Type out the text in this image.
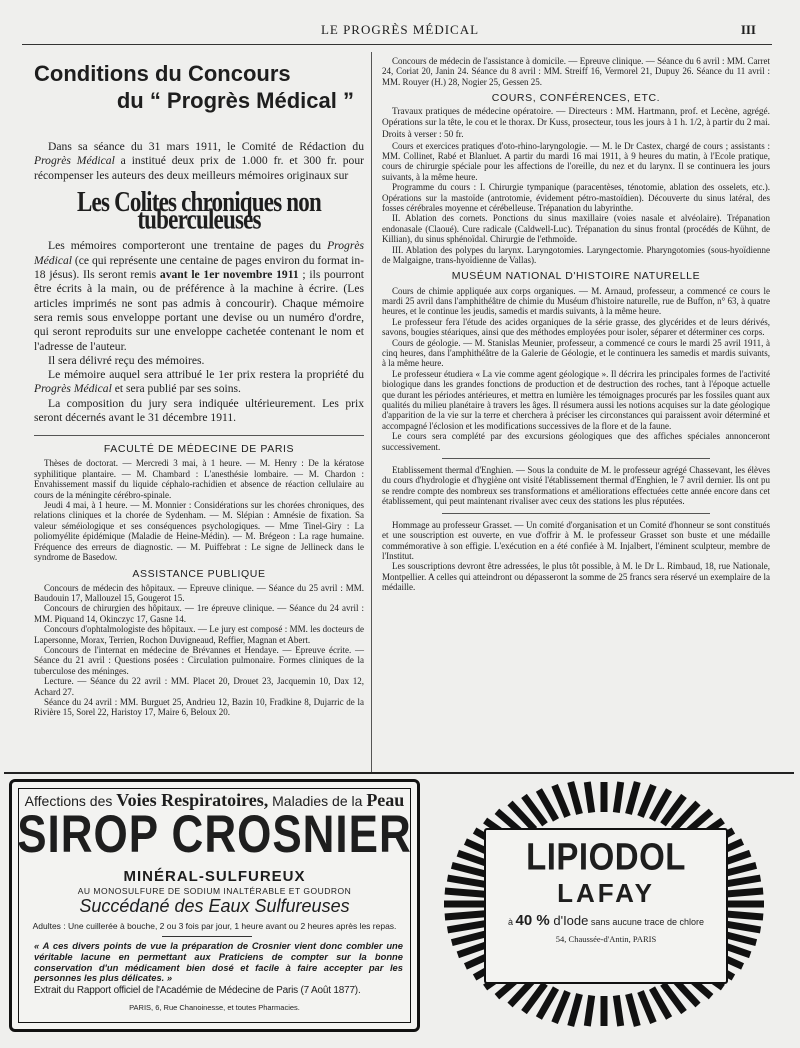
LE PROGRÈS MÉDICAL	III
Conditions du Concours
du “ Progrès Médical ”

Dans sa séance du 31 mars 1911, le Comité de Rédaction du Progrès Médical a institué deux prix de 1.000 fr. et 300 fr. pour récompenser les auteurs des deux meilleurs mémoires originaux sur

Les Colites chroniques non tuberculeuses

Les mémoires comporteront une trentaine de pages du Progrès Médical (ce qui représente une centaine de pages environ du format in-18 jésus). Ils seront remis avant le 1er novembre 1911 ; ils pourront être écrits à la main, ou de préférence à la machine à écrire. (Les articles imprimés ne sont pas admis à concourir). Chaque mémoire sera remis sous enveloppe portant une devise ou un numéro d'ordre, qui seront reproduits sur une enveloppe cachetée contenant le nom et l'adresse de l'auteur.

Il sera délivré reçu des mémoires.

Le mémoire auquel sera attribué le 1er prix restera la propriété du Progrès Médical et sera publié par ses soins.

La composition du jury sera indiquée ultérieurement. Les prix seront décernés avant le 31 décembre 1911.

FACULTÉ DE MÉDECINE DE PARIS

Thèses de doctorat. — Mercredi 3 mai, à 1 heure. — M. Henry : De la kératose syphilitique plantaire. — M. Chambard : L'anesthésie lombaire. — M. Chardon : Envahissement massif du liquide céphalo-rachidien et absence de réaction cellulaire au cours de la méningite cérébro-spinale.

Jeudi 4 mai, à 1 heure. — M. Monnier : Considérations sur les chorées chroniques, des relations cliniques et la chorée de Sydenham. — M. Slépian : Amnésie de fixation. Sa valeur séméiologique et ses conséquences psychologiques. — Mme Tinel-Giry : La poliomyélite épidémique (Maladie de Heine-Médin). — M. Brégeon : La rage humaine. Fréquence des erreurs de diagnostic. — M. Puiffebrat : Le signe de Jellineck dans le syndrome de Basedow.

ASSISTANCE PUBLIQUE

Concours de médecin des hôpitaux. — Epreuve clinique. — Séance du 25 avril : MM. Baudouin 17, Mallouzel 15, Gougerot 15.

Concours de chirurgien des hôpitaux. — 1re épreuve clinique. — Séance du 24 avril : MM. Piquand 14, Okinczyc 17, Gasne 14.

Concours d'ophtalmologiste des hôpitaux. — Le jury est composé : MM. les docteurs de Lapersonne, Morax, Terrien, Rochon Duvigneaud, Reffier, Magnan et Abert.

Concours de l'internat en médecine de Brévannes et Hendaye. — Epreuve écrite. — Séance du 21 avril : Questions posées : Circulation pulmonaire. Formes cliniques de la tuberculose des méninges.

Lecture. — Séance du 22 avril : MM. Placet 20, Drouet 23, Jacquemin 10, Dax 12, Achard 27.

Séance du 24 avril : MM. Burguet 25, Andrieu 12, Bazin 10, Fradkine 8, Dujarric de la Rivière 15, Sorel 22, Haristoy 17, Maire 6, Beloux 20.

Concours de médecin de l'assistance à domicile. — Epreuve clinique. — Séance du 6 avril : MM. Carret 24, Coriat 20, Janin 24. Séance du 8 avril : MM. Streiff 16, Vermorel 21, Dupuy 26. Séance du 11 avril : MM. Rouyer (H.) 28, Nogier 25, Gessen 25.

COURS, CONFÉRENCES, ETC.

Travaux pratiques de médecine opératoire. — Directeurs : MM. Hartmann, prof. et Lecène, agrégé. Opérations sur la tête, le cou et le thorax. Dr Kuss, prosecteur, tous les jours à 1 h. 1/2, à partir du 2 mai. Droits à verser : 50 fr.

Cours et exercices pratiques d'oto-rhino-laryngologie. — M. le Dr Castex, chargé de cours ; assistants : MM. Collinet, Rabé et Blanluet. A partir du mardi 16 mai 1911, à 9 heures du matin, à l'Ecole pratique, cours de chirurgie spéciale pour les affections de l'oreille, du nez et du larynx. Il se continuera les jours suivants, à la même heure.

Programme du cours : I. Chirurgie tympanique (paracentèses, ténotomie, ablation des osselets, etc.). Opérations sur la mastoïde (antrotomie, évidement pétro-mastoïdien). Découverte du sinus latéral, des fosses cérébrales moyenne et cérébelleuse. Trépanation du labyrinthe.

II. Ablation des cornets. Ponctions du sinus maxillaire (voies nasale et alvéolaire). Trépanation endonasale (Claoué). Cure radicale (Caldwell-Luc). Trépanation du sinus frontal (procédés de Kühnt, de Killian), du sinus sphénoïdal. Chirurgie de l'ethmoïde.

III. Ablation des polypes du larynx. Laryngotomies. Laryngectomie. Pharyngotomies (sous-hyoïdienne de Malgaigne, trans-hyoïdienne de Vallas).

MUSÉUM NATIONAL D'HISTOIRE NATURELLE

Cours de chimie appliquée aux corps organiques. — M. Arnaud, professeur, a commencé ce cours le mardi 25 avril dans l'amphithéâtre de chimie du Muséum d'histoire naturelle, rue de Buffon, n° 63, à quatre heures, et le continue les jeudis, samedis et mardis suivants, à la même heure.

Le professeur fera l'étude des acides organiques de la série grasse, des glycérides et de leurs dérivés, savons, bougies stéariques, ainsi que des méthodes employées pour isoler, séparer et déterminer ces corps.

Cours de géologie. — M. Stanislas Meunier, professeur, a commencé ce cours le mardi 25 avril 1911, à cinq heures, dans l'amphithéâtre de la Galerie de Géologie, et le continuera les samedis et mardis suivants, à la même heure.

Le professeur étudiera « La vie comme agent géologique ». Il décrira les principales formes de l'activité biologique dans les grandes fonctions de production et de destruction des roches, tant à l'époque actuelle que durant les périodes antérieures, et mettra en lumière les témoignages procurés par les fossiles quant aux qualités du milieu planétaire à travers les âges. Il résumera aussi les notions acquises sur la date géologique d'apparition de la vie sur la terre et cherchera à préciser les circonstances qui paraissent avoir déterminé et accompagné l'éclosion et les modifications successives de la flore et de la faune.

Le cours sera complété par des excursions géologiques que des affiches spéciales annonceront successivement.

Etablissement thermal d'Enghien. — Sous la conduite de M. le professeur agrégé Chassevant, les élèves du cours d'hydrologie et d'hygiène ont visité l'établissement thermal d'Enghien, le 7 avril dernier. Ils ont pu se rendre compte des nombreux ses transformations et améliorations effectuées cette année encore dans cet établissement, qui peut maintenant rivaliser avec ceux des stations les plus réputées.

Hommage au professeur Grasset. — Un comité d'organisation et un Comité d'honneur se sont constitués et une souscription est ouverte, en vue d'offrir à M. le professeur Grasset son buste et une médaille commémorative à son effigie. L'exécution en a été confiée à M. Injalbert, l'éminent sculpteur, membre de l'Institut.

Les souscriptions devront être adressées, le plus tôt possible, à M. le Dr L. Rimbaud, 18, rue Nationale, Montpellier. A celles qui atteindront ou dépasseront la somme de 25 francs sera réservé un exemplaire de la médaille.

Affections des Voies Respiratoires, Maladies de la Peau
SIROP CROSNIER
MINÉRAL-SULFUREUX
AU MONOSULFURE DE SODIUM INALTÉRABLE ET GOUDRON
Succédané des Eaux Sulfureuses
Adultes : Une cuillerée à bouche, 2 ou 3 fois par jour, 1 heure avant ou 2 heures après les repas.
« A ces divers points de vue la préparation de Crosnier vient donc combler une véritable lacune en permettant aux Praticiens de compter sur la bonne conservation d'un médicament bien dosé et facile à faire accepter par les personnes les plus délicates. »
Extrait du Rapport officiel de l'Académie de Médecine de Paris (7 Août 1877).
PARIS, 6, Rue Chanoinesse, et toutes Pharmacies.
LIPIODOL
LAFAY
à 40 % d'Iode sans aucune trace de chlore
54, Chaussée-d'Antin, PARIS
